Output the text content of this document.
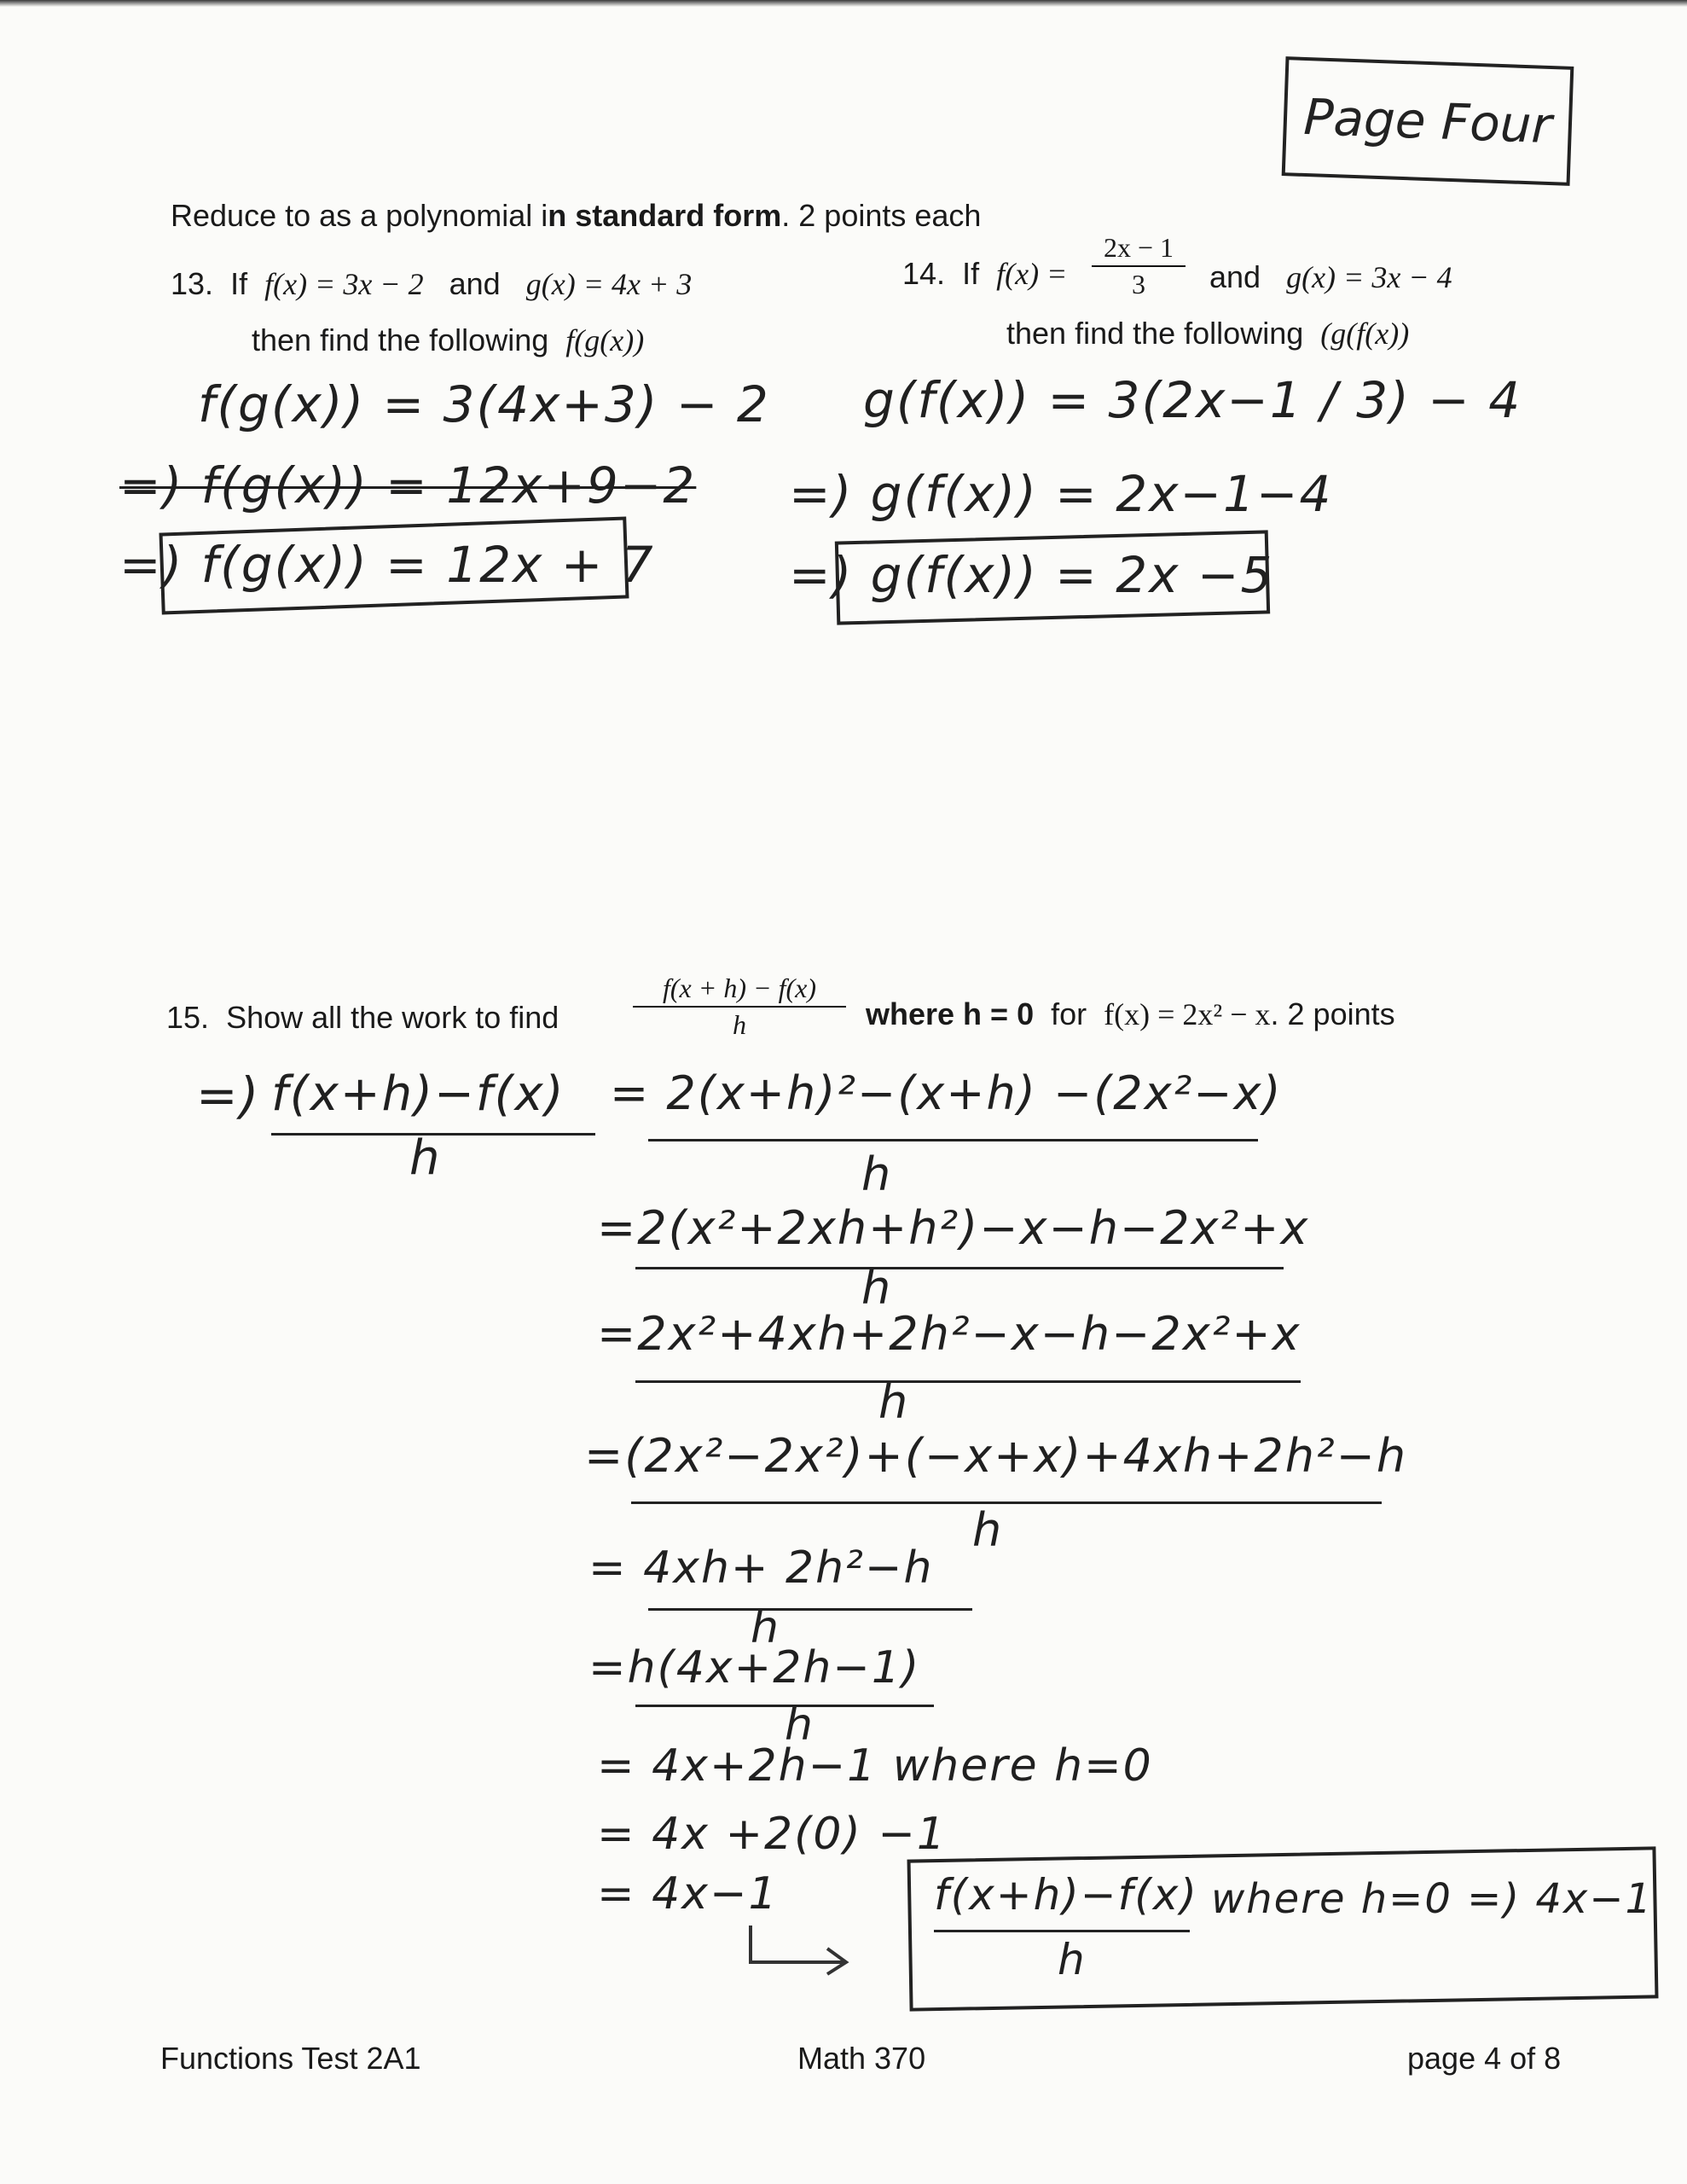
Page Four
Reduce to as a polynomial in standard form. 2 points each
13. If f(x) = 3x − 2 and g(x) = 4x + 3
then find the following f(g(x))
f(g(x)) = 3(4x+3) − 2
=) f(g(x)) = 12x+9−2
=) f(g(x)) = 12x + 7
14. If $f(x) = \frac{2x - 1}{3}$ and g(x) = 3x − 4
then find the following (g(f(x))
g(f(x)) = 3(2x−1 / 3) − 4
=) g(f(x)) = 2x−1−4
=) g(f(x)) = 2x −5
15. Show all the work to find	$\frac{f(x + h) - f(x)}{h}$ where h = 0 for f(x) = 2x² − x. 2 points
=) f(x+h)−f(x)
h
= 2(x+h)²−(x+h) −(2x²−x)
h
=2(x²+2xh+h²)−x−h−2x²+x
h
=2x²+4xh+2h²−x−h−2x²+x
h
=(2x²−2x²)+(−x+x)+4xh+2h²−h
h
= 4xh+ 2h²−h
h
=h(4x+2h−1)
h
= 4x+2h−1 where h=0
= 4x +2(0) −1
= 4x−1	f(x+h)−f(x)
h
where h=0 =) 4x−1
Functions Test 2A1	Math 370	page 4 of 8
